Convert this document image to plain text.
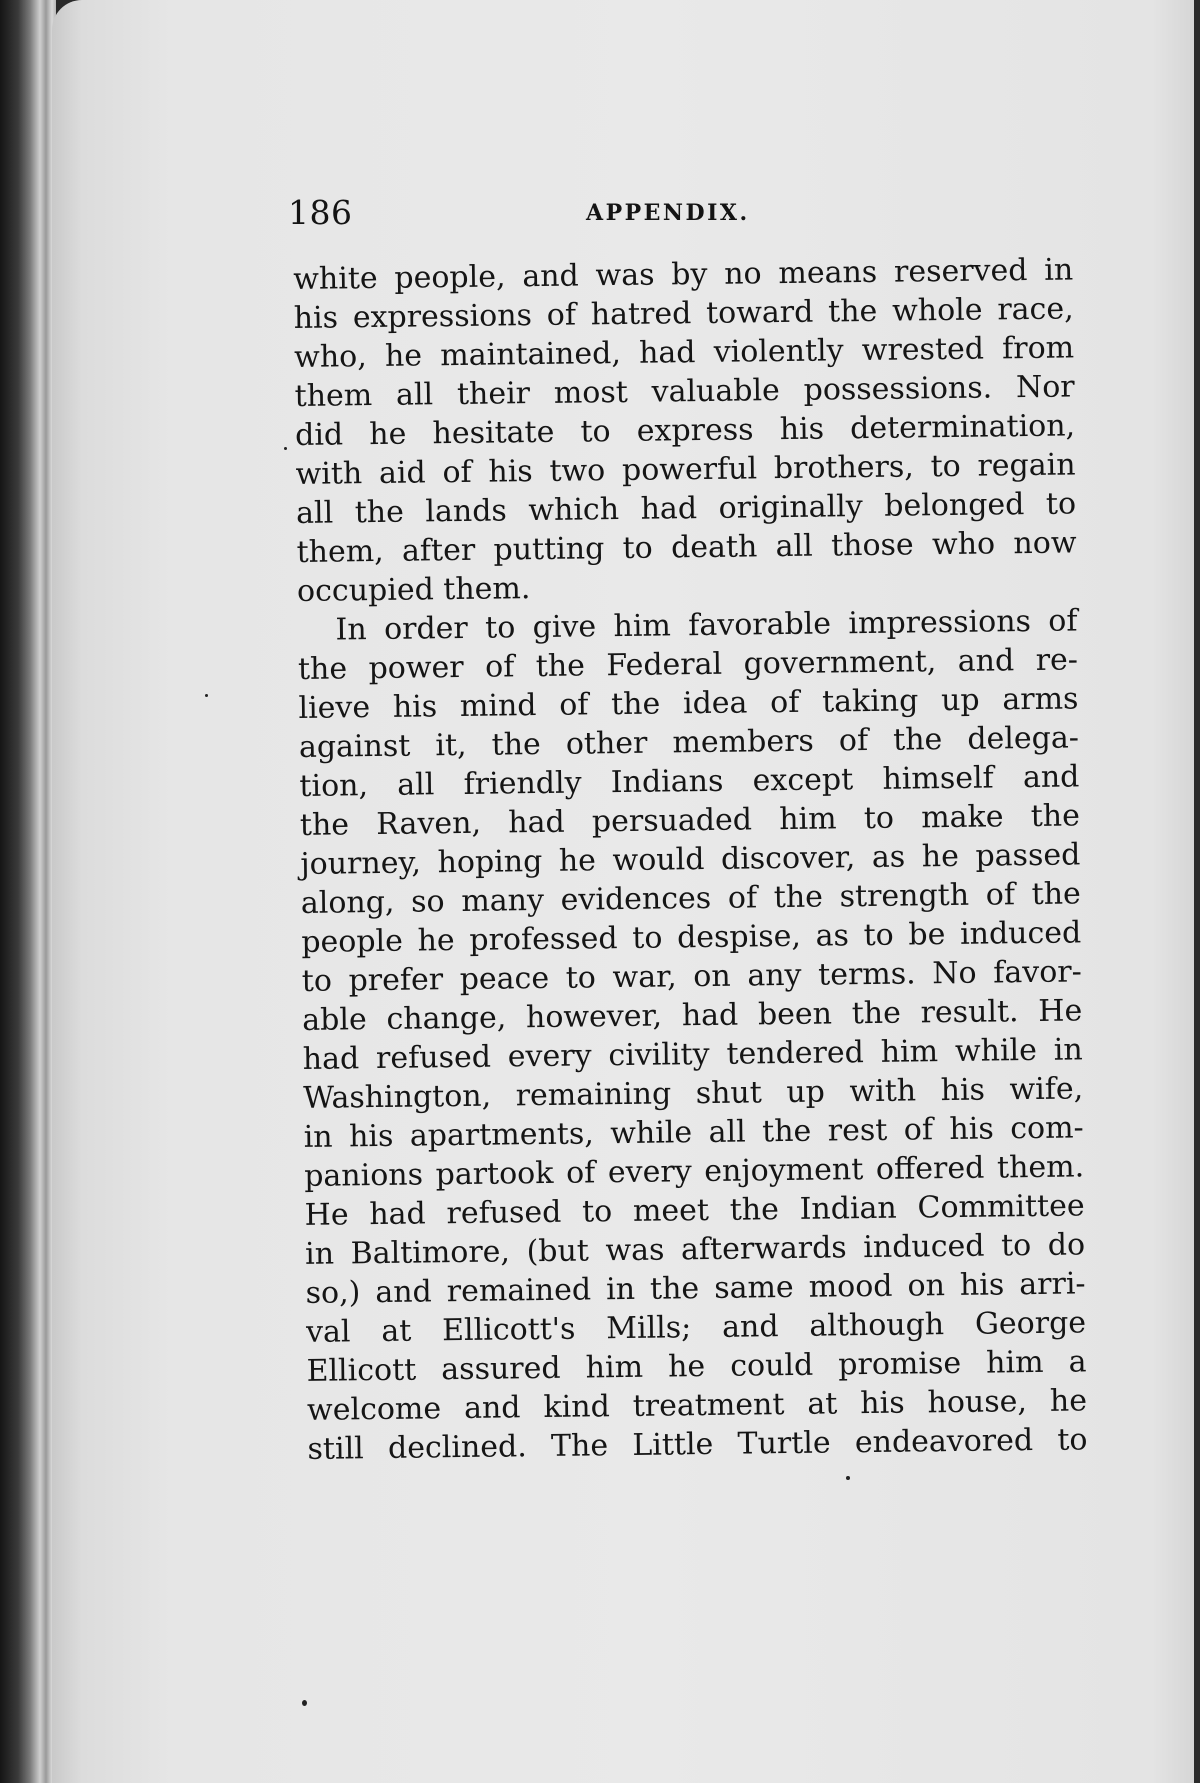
186	APPENDIX.
white people, and was by no means reserved in
his expressions of hatred toward the whole race,
who, he maintained, had violently wrested from
them all their most valuable possessions. Nor
did he hesitate to express his determination,
with aid of his two powerful brothers, to regain
all the lands which had originally belonged to
them, after putting to death all those who now
occupied them.
In order to give him favorable impressions of
the power of the Federal government, and re-
lieve his mind of the idea of taking up arms
against it, the other members of the delega-
tion, all friendly Indians except himself and
the Raven, had persuaded him to make the
journey, hoping he would discover, as he passed
along, so many evidences of the strength of the
people he professed to despise, as to be induced
to prefer peace to war, on any terms. No favor-
able change, however, had been the result. He
had refused every civility tendered him while in
Washington, remaining shut up with his wife,
in his apartments, while all the rest of his com-
panions partook of every enjoyment offered them.
He had refused to meet the Indian Committee
in Baltimore, (but was afterwards induced to do
so,) and remained in the same mood on his arri-
val at Ellicott's Mills; and although George
Ellicott assured him he could promise him a
welcome and kind treatment at his house, he
still declined. The Little Turtle endeavored to
